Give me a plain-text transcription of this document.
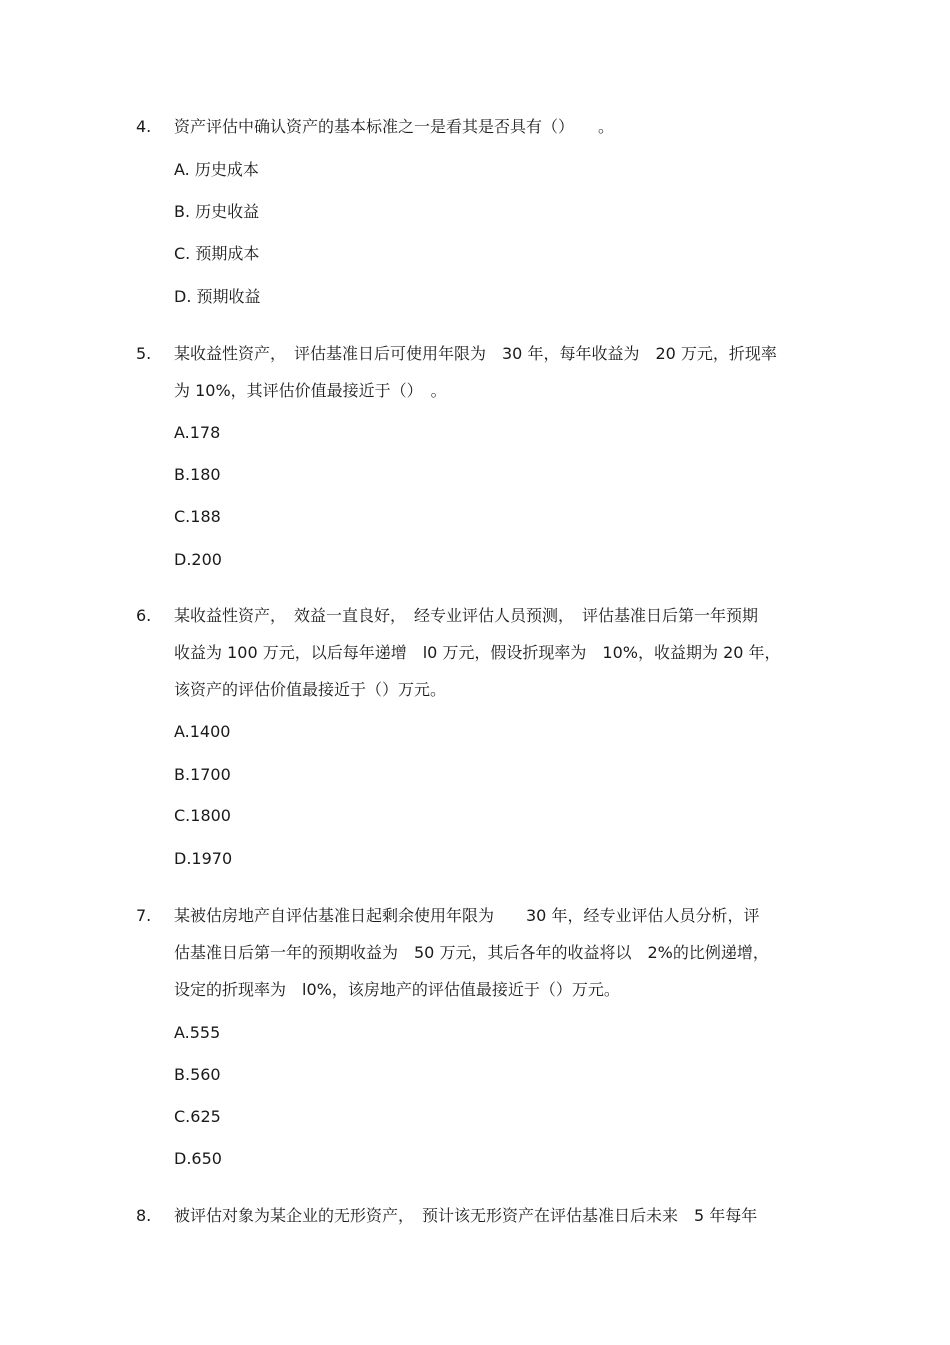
4. 资产评估中确认资产的基本标准之一是看其是否具有（）　　。
A. 历史成本
B. 历史收益
C. 预期成本
D. 预期收益
5. 某收益性资产，　评估基准日后可使用年限为　30 年，每年收益为　20 万元，折现率
为 10%，其评估价值最接近于（）　。
A.178
B.180
C.188
D.200
6. 某收益性资产，　效益一直良好，　经专业评估人员预测，　评估基准日后第一年预期
收益为 100 万元，以后每年递增　l0 万元，假设折现率为　10%，收益期为 20 年，
该资产的评估价值最接近于（）万元。
A.1400
B.1700
C.1800
D.1970
7. 某被估房地产自评估基准日起剩余使用年限为　　30 年，经专业评估人员分析，评
估基准日后第一年的预期收益为　50 万元，其后各年的收益将以　2%的比例递增，
设定的折现率为　l0%，该房地产的评估值最接近于（）万元。
A.555
B.560
C.625
D.650
8. 被评估对象为某企业的无形资产，　预计该无形资产在评估基准日后未来　5 年每年
